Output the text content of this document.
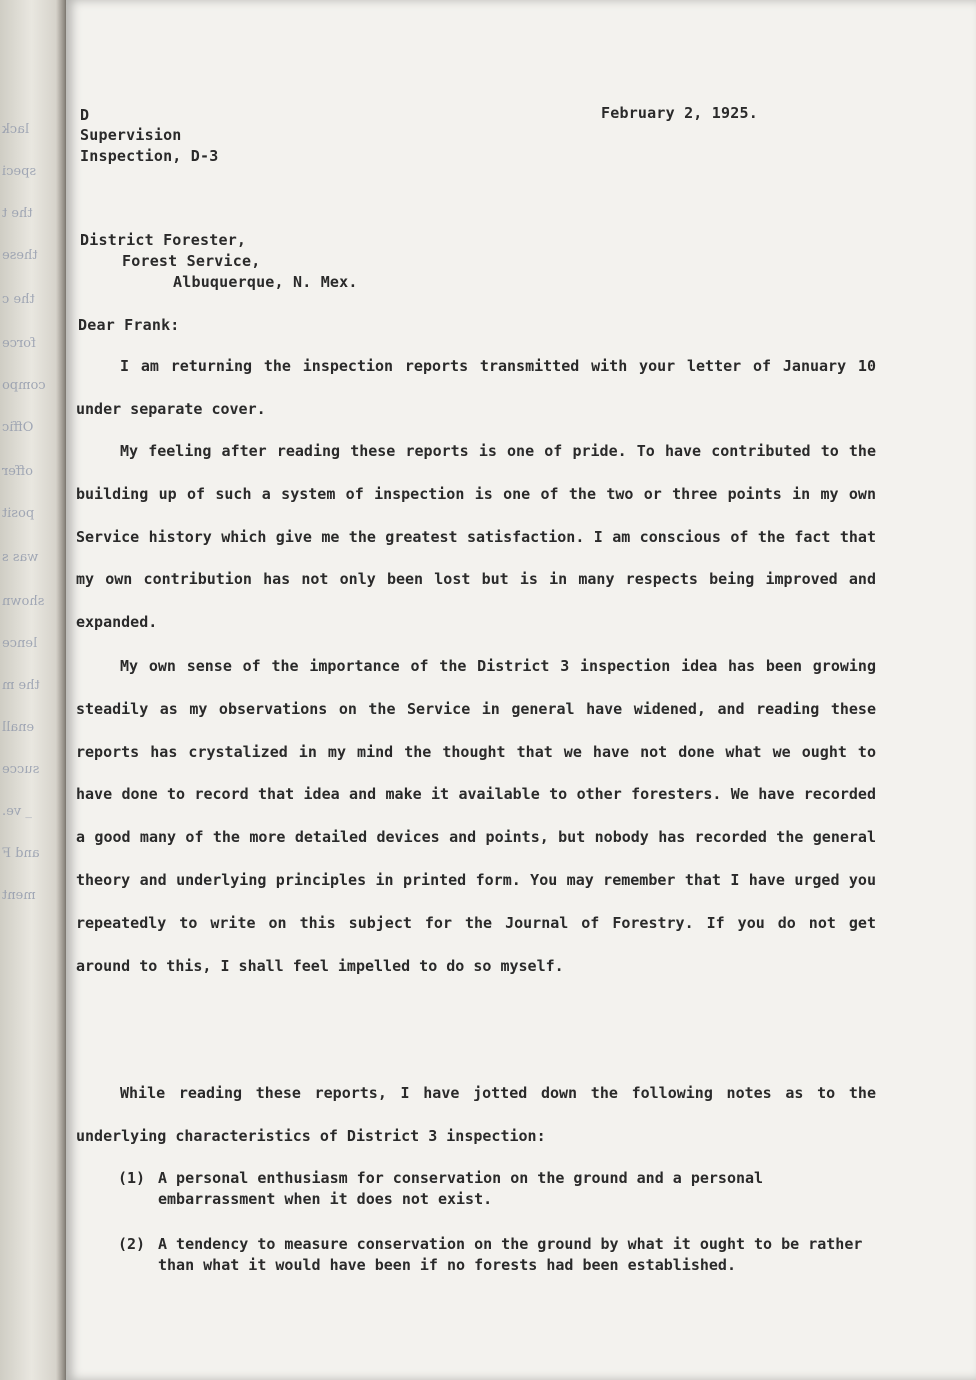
lack
speci
the t
these
the c
force
compo
Offic
offer
posit
was s
shown
lence
the m
enall
succe
_ ve.
and F
ment
D
Supervision
Inspection, D-3
February 2, 1925.
District Forester,
Forest Service,
Albuquerque, N. Mex.
Dear Frank:
I am returning the inspection reports transmitted with your letter of January 10 under separate cover.
My feeling after reading these reports is one of pride. To have contributed to the building up of such a system of inspection is one of the two or three points in my own Service history which give me the greatest satisfaction. I am conscious of the fact that my own contribution has not only been lost but is in many respects being improved and expanded.
My own sense of the importance of the District 3 inspection idea has been growing steadily as my observations on the Service in general have widened, and reading these reports has crystalized in my mind the thought that we have not done what we ought to have done to record that idea and make it available to other foresters. We have recorded a good many of the more detailed devices and points, but nobody has recorded the general theory and underlying principles in printed form. You may remember that I have urged you repeatedly to write on this subject for the Journal of Forestry. If you do not get around to this, I shall feel impelled to do so myself.
While reading these reports, I have jotted down the following notes as to the underlying characteristics of District 3 inspection:
(1) A personal enthusiasm for conservation on the ground and a personal embarrassment when it does not exist.
(2) A tendency to measure conservation on the ground by what it ought to be rather than what it would have been if no forests had been established.
